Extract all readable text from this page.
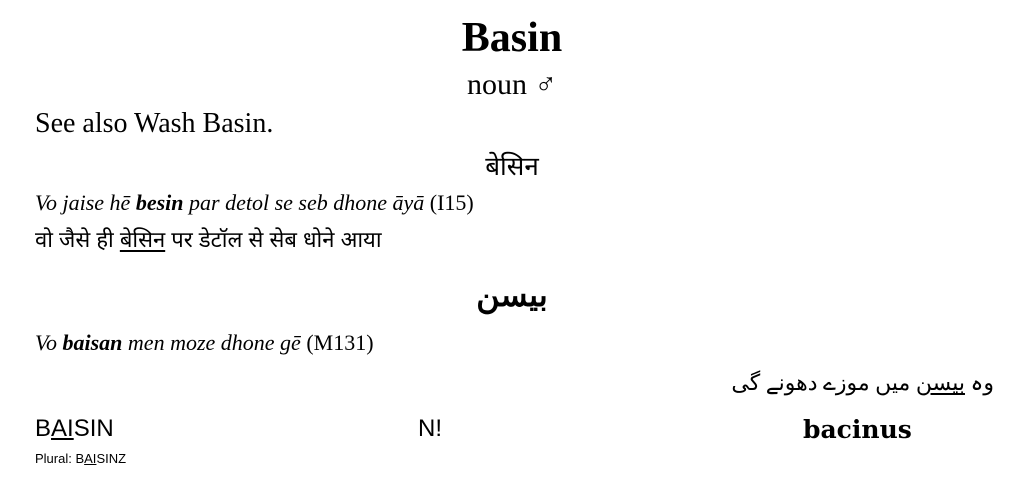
Basin
noun ♂
See also Wash Basin.
बेसिन
Vo jaise hē besin par detol se seb dhone āyā (I15)
वो जैसे ही बेसिन पर डेटॉल से सेब धोने आया
بیسن
Vo baisan men moze dhone gē (M131)
وہ بیسن میں موزے دھونے گی
BAISIN	N!	bacinus
Plural: BAISINZ
